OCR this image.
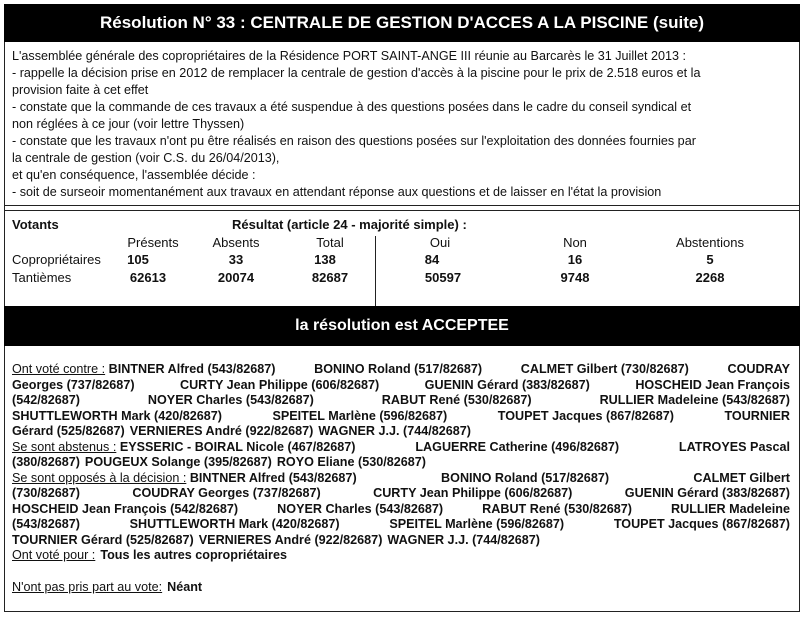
Résolution N° 33 : CENTRALE DE GESTION D'ACCES A LA PISCINE (suite)
L'assemblée générale des copropriétaires de la Résidence PORT SAINT-ANGE III réunie au Barcarès le 31 Juillet 2013 :
- rappelle la décision prise en 2012 de remplacer la centrale de gestion d'accès à la piscine pour le prix de 2.518 euros et la
provision faite à cet effet
- constate que la commande de ces travaux a été suspendue à des questions posées dans le cadre du conseil syndical et
non réglées à ce jour (voir lettre Thyssen)
- constate que les travaux n'ont pu être réalisés en raison des questions posées sur l'exploitation des données fournies par
la centrale de gestion (voir C.S. du 26/04/2013),
et qu'en conséquence, l'assemblée décide :
- soit de surseoir momentanément aux travaux en attendant réponse aux questions et de laisser en l'état la provision
Votants	Résultat (article 24 - majorité simple) :
Présents	Absents	Total	Oui	Non	Abstentions
Copropriétaires	105	33	138	84	16	5
Tantièmes	62613	20074	82687	50597	9748	2268
la résolution est ACCEPTEE
Ont voté contre : BINTNER Alfred (543/82687)	BONINO Roland (517/82687)	CALMET Gilbert (730/82687)	COUDRAY
Georges (737/82687)	CURTY Jean Philippe (606/82687)	GUENIN Gérard (383/82687)	HOSCHEID Jean François
(542/82687)	NOYER Charles (543/82687)	RABUT René (530/82687)	RULLIER Madeleine (543/82687)
SHUTTLEWORTH Mark (420/82687)	SPEITEL Marlène (596/82687)	TOUPET Jacques (867/82687)	TOURNIER
Gérard (525/82687) VERNIERES André (922/82687) WAGNER J.J. (744/82687)
Se sont abstenus : EYSSERIC - BOIRAL Nicole (467/82687)	LAGUERRE Catherine (496/82687)	LATROYES Pascal
(380/82687) POUGEUX Solange (395/82687) ROYO Eliane (530/82687)
Se sont opposés à la décision : BINTNER Alfred (543/82687)	BONINO Roland (517/82687)	CALMET Gilbert
(730/82687)	COUDRAY Georges (737/82687)	CURTY Jean Philippe (606/82687)	GUENIN Gérard (383/82687)
HOSCHEID Jean François (542/82687)	NOYER Charles (543/82687)	RABUT René (530/82687)	RULLIER Madeleine
(543/82687)	SHUTTLEWORTH Mark (420/82687)	SPEITEL Marlène (596/82687)	TOUPET Jacques (867/82687)
TOURNIER Gérard (525/82687) VERNIERES André (922/82687) WAGNER J.J. (744/82687)
Ont voté pour : Tous les autres copropriétaires
N'ont pas pris part au vote: Néant
